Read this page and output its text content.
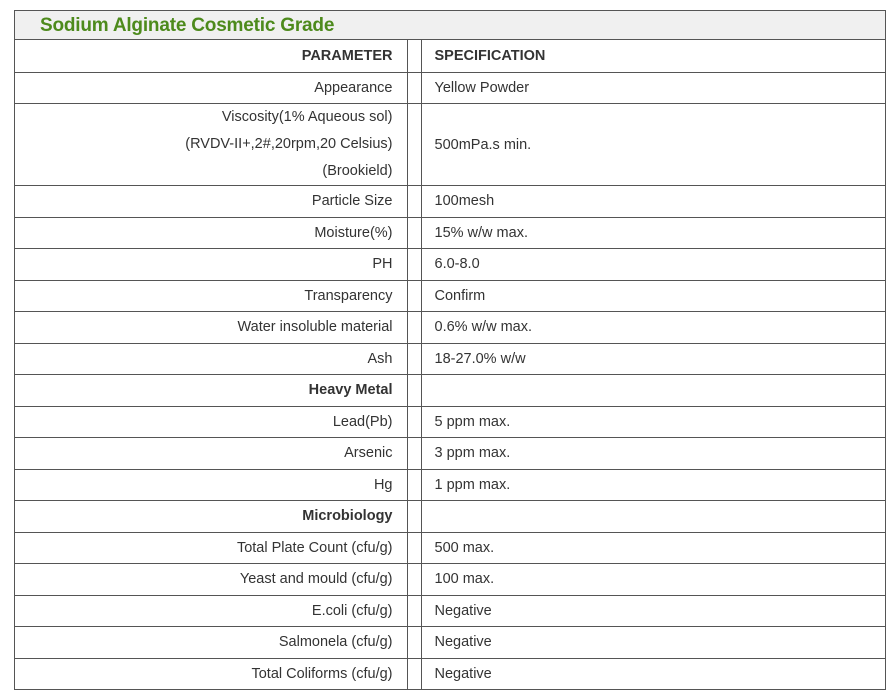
Sodium Alginate Cosmetic Grade
PARAMETER		SPECIFICATION
Appearance		Yellow Powder

Viscosity(1% Aqueous sol)
(RVDV-II+,2#,20rpm,20 Celsius)
(Brookield)		500mPa.s min.
Particle Size		100mesh
Moisture(%)		15% w/w max.
PH		6.0-8.0
Transparency		Confirm
Water insoluble material		0.6% w/w max.
Ash		18-27.0% w/w
Heavy Metal		
Lead(Pb)		5 ppm max.
Arsenic		3 ppm max.
Hg		1 ppm max.
Microbiology		
Total Plate Count (cfu/g)		500 max.
Yeast and mould (cfu/g)		100 max.
E.coli (cfu/g)		Negative
Salmonela (cfu/g)		Negative
Total Coliforms (cfu/g)		Negative
